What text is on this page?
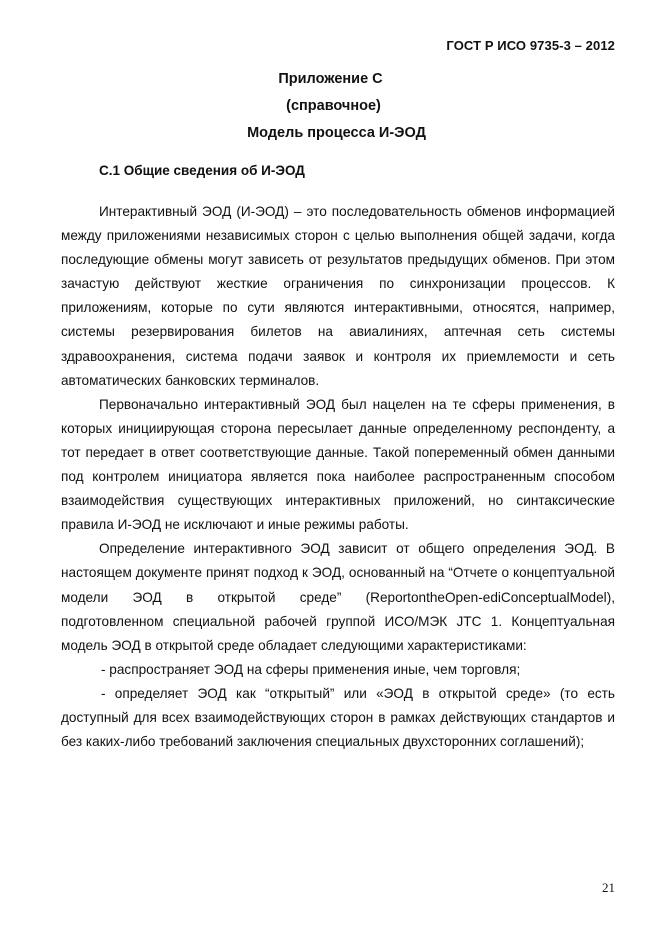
ГОСТ Р ИСО 9735-3 – 2012
Приложение С
(справочное)
Модель процесса И-ЭОД
С.1 Общие сведения об И-ЭОД

Интерактивный ЭОД (И-ЭОД) – это последовательность обменов информацией между приложениями независимых сторон с целью выполнения общей задачи, когда последующие обмены могут зависеть от результатов предыдущих обменов. При этом зачастую действуют жесткие ограничения по синхронизации процессов. К приложениям, которые по сути являются интерактивными, относятся, например, системы резервирования билетов на авиалиниях, аптечная сеть системы здравоохранения, система подачи заявок и контроля их приемлемости и сеть автоматических банковских терминалов.

Первоначально интерактивный ЭОД был нацелен на те сферы применения, в которых инициирующая сторона пересылает данные определенному респонденту, а тот передает в ответ соответствующие данные. Такой попеременный обмен данными под контролем инициатора является пока наиболее распространенным способом взаимодействия существующих интерактивных приложений, но синтаксические правила И-ЭОД не исключают и иные режимы работы.

Определение интерактивного ЭОД зависит от общего определения ЭОД. В настоящем документе принят подход к ЭОД, основанный на “Отчете о концептуальной модели ЭОД в открытой среде” (ReportontheOpen-ediConceptualModel), подготовленном специальной рабочей группой ИСО/МЭК JTC 1. Концептуальная модель ЭОД в открытой среде обладает следующими характеристиками:

- распространяет ЭОД на сферы применения иные, чем торговля;

- определяет ЭОД как “открытый” или «ЭОД в открытой среде» (то есть доступный для всех взаимодействующих сторон в рамках действующих стандартов и без каких-либо требований заключения специальных двухсторонних соглашений);

21
